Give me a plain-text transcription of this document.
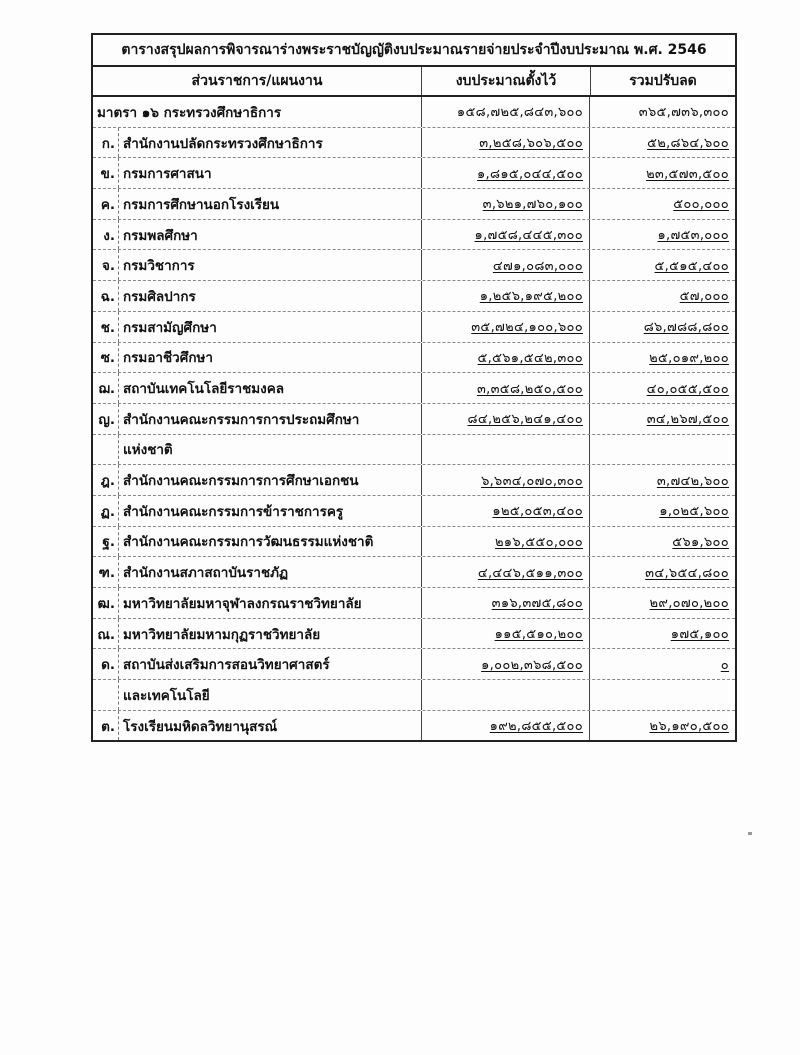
ตารางสรุปผลการพิจารณาร่างพระราชบัญญัติงบประมาณรายจ่ายประจำปีงบประมาณ พ.ศ. 2546
ส่วนราชการ/แผนงาน	งบประมาณตั้งไว้	รวมปรับลด
มาตรา ๑๖ กระทรวงศึกษาธิการ	๑๕๘,๗๒๕,๘๔๓,๖๐๐	๓๖๕,๗๓๖,๓๐๐
ก. สำนักงานปลัดกระทรวงศึกษาธิการ	๓,๒๕๘,๖๐๖,๕๐๐	๕๒,๘๖๔,๖๐๐
ข. กรมการศาสนา	๑,๘๑๕,๐๔๔,๕๐๐	๒๓,๕๗๓,๕๐๐
ค. กรมการศึกษานอกโรงเรียน	๓,๖๒๑,๗๖๐,๑๐๐	๕๐๐,๐๐๐
ง. กรมพลศึกษา	๑,๗๕๘,๔๔๕,๓๐๐	๑,๗๕๓,๐๐๐
จ. กรมวิชาการ	๔๗๑,๐๘๓,๐๐๐	๕,๕๑๕,๔๐๐
ฉ. กรมศิลปากร	๑,๒๕๖,๑๙๕,๒๐๐	๕๗,๐๐๐
ช. กรมสามัญศึกษา	๓๕,๗๒๔,๑๐๐,๖๐๐	๘๖,๗๘๘,๘๐๐
ซ. กรมอาชีวศึกษา	๕,๕๖๑,๕๔๒,๓๐๐	๒๕,๐๑๙,๒๐๐
ฌ. สถาบันเทคโนโลยีราชมงคล	๓,๓๕๘,๒๕๐,๕๐๐	๔๐,๐๕๕,๕๐๐
ญ. สำนักงานคณะกรรมการการประถมศึกษา	๘๔,๒๕๖,๒๔๑,๔๐๐	๓๔,๒๖๗,๕๐๐
แห่งชาติ
ฎ. สำนักงานคณะกรรมการการศึกษาเอกชน	๖,๖๓๔,๐๗๐,๓๐๐	๓,๗๔๒,๖๐๐
ฏ. สำนักงานคณะกรรมการข้าราชการครู	๑๒๕,๐๕๓,๔๐๐	๑,๐๒๕,๖๐๐
ฐ. สำนักงานคณะกรรมการวัฒนธรรมแห่งชาติ	๒๑๖,๕๕๐,๐๐๐	๕๖๑,๖๐๐
ฑ. สำนักงานสภาสถาบันราชภัฏ	๔,๔๔๖,๕๑๑,๓๐๐	๓๔,๖๕๔,๘๐๐
ฒ. มหาวิทยาลัยมหาจุฬาลงกรณราชวิทยาลัย	๓๑๖,๓๗๕,๘๐๐	๒๙,๐๗๐,๒๐๐
ณ. มหาวิทยาลัยมหามกุฏราชวิทยาลัย	๑๑๕,๕๑๐,๒๐๐	๑๗๕,๑๐๐
ด. สถาบันส่งเสริมการสอนวิทยาศาสตร์	๑,๐๐๒,๓๖๘,๕๐๐	๐
และเทคโนโลยี
ต. โรงเรียนมหิดลวิทยานุสรณ์	๑๙๒,๘๕๕,๕๐๐	๒๖,๑๙๐,๕๐๐
